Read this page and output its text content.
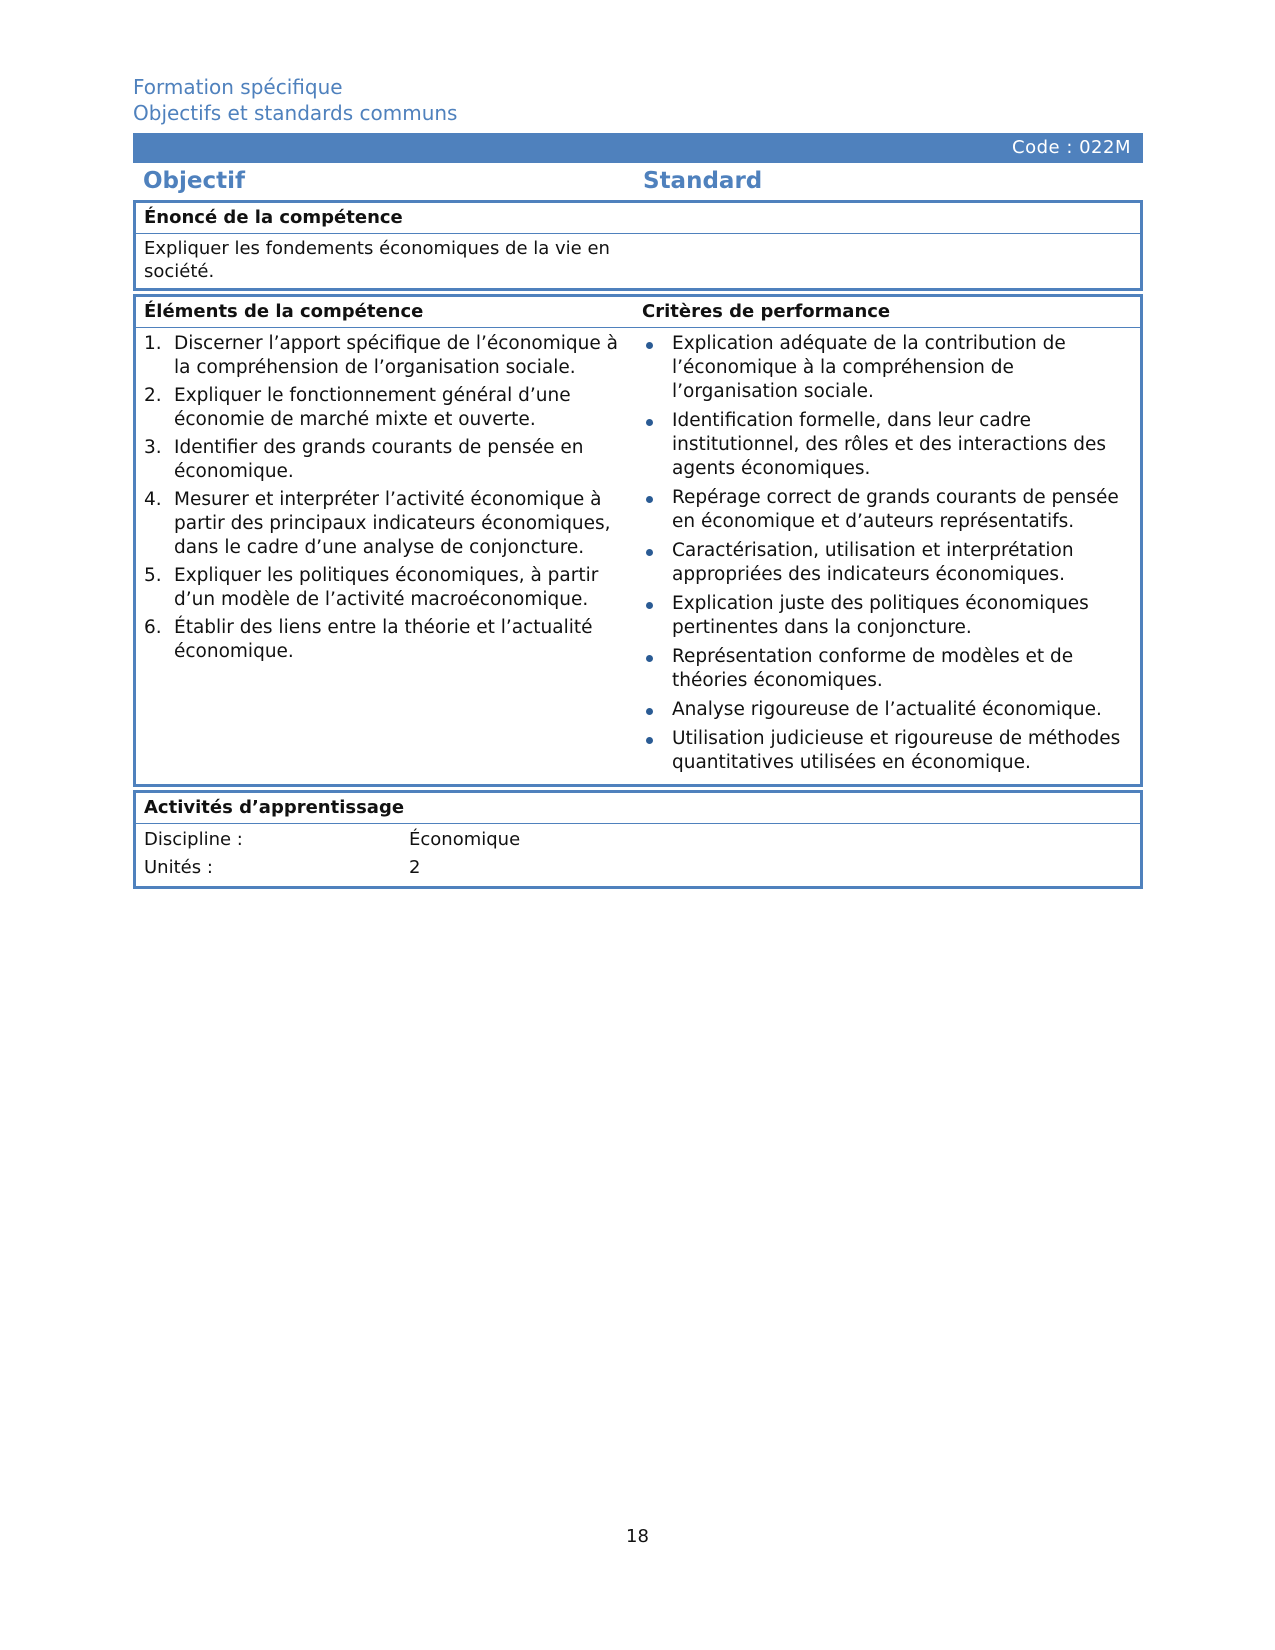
Formation spécifique
Objectifs et standards communs
Code : 022M
Objectif	Standard
Énoncé de la compétence
Expliquer les fondements économiques de la vie en société.
Éléments de la compétence	Critères de performance
1. Discerner l’apport spécifique de l’économique à la compréhension de l’organisation sociale.
2. Expliquer le fonctionnement général d’une économie de marché mixte et ouverte.
3. Identifier des grands courants de pensée en économique.
4. Mesurer et interpréter l’activité économique à partir des principaux indicateurs économiques, dans le cadre d’une analyse de conjoncture.
5. Expliquer les politiques économiques, à partir d’un modèle de l’activité macroéconomique.
6. Établir des liens entre la théorie et l’actualité économique.
Explication adéquate de la contribution de l’économique à la compréhension de l’organisation sociale.
Identification formelle, dans leur cadre institutionnel, des rôles et des interactions des agents économiques.
Repérage correct de grands courants de pensée en économique et d’auteurs représentatifs.
Caractérisation, utilisation et interprétation appropriées des indicateurs économiques.
Explication juste des politiques économiques pertinentes dans la conjoncture.
Représentation conforme de modèles et de théories économiques.
Analyse rigoureuse de l’actualité économique.
Utilisation judicieuse et rigoureuse de méthodes quantitatives utilisées en économique.
Activités d’apprentissage
Discipline :	Économique
Unités :	2
18
